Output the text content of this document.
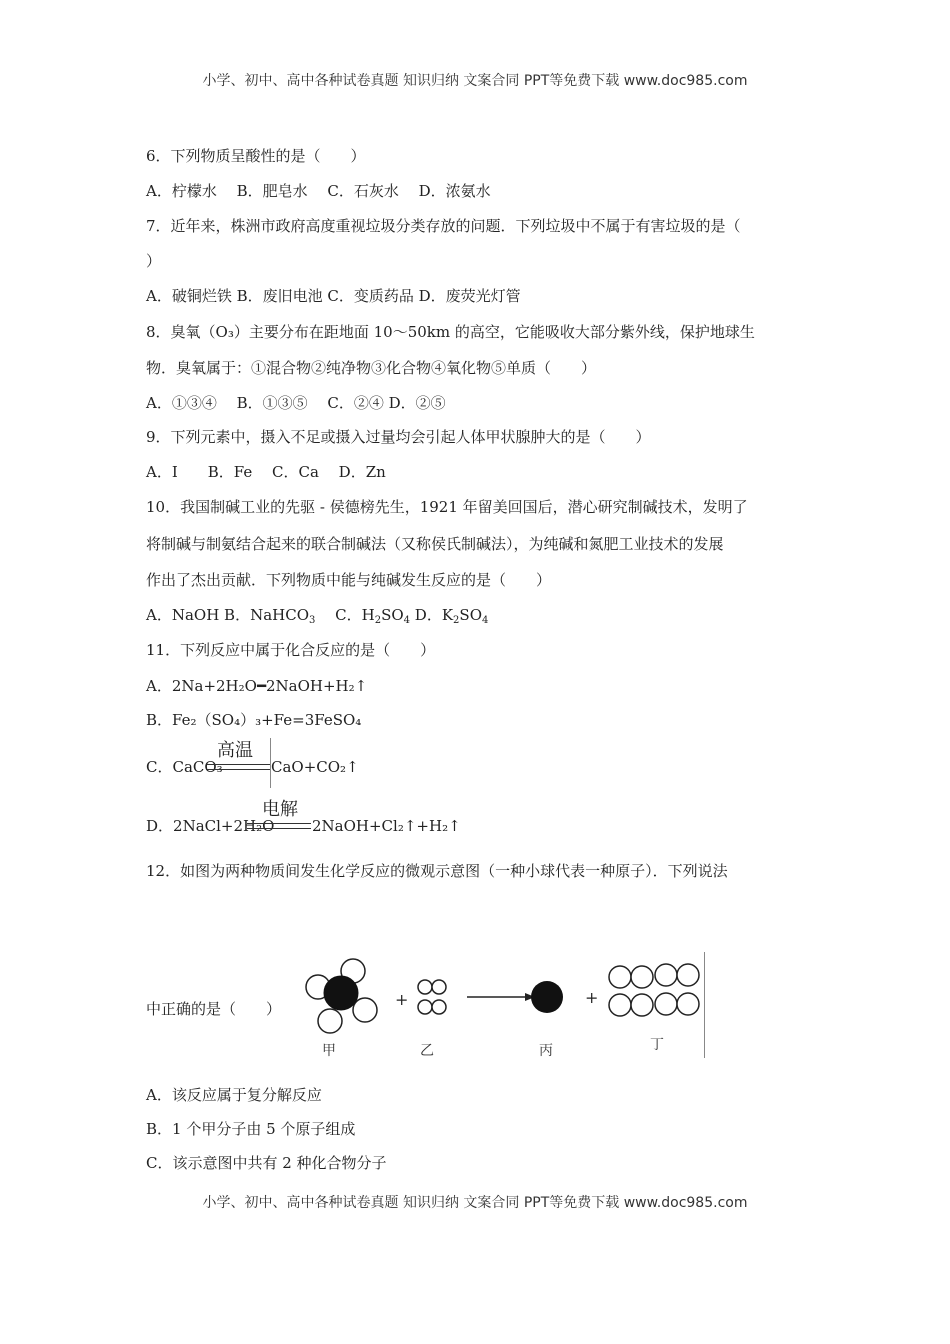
小学、初中、高中各种试卷真题 知识归纳 文案合同 PPT等免费下载 www.doc985.com
6．下列物质呈酸性的是（　　）
A．柠檬水　 B．肥皂水　 C．石灰水　 D．浓氨水
7．近年来，株洲市政府高度重视垃圾分类存放的问题．下列垃圾中不属于有害垃圾的是（
）
A．破铜烂铁 B．废旧电池 C．变质药品 D．废荧光灯管
8．臭氧（O₃）主要分布在距地面 10～50km 的高空，它能吸收大部分紫外线，保护地球生
物．臭氧属于：①混合物②纯净物③化合物④氧化物⑤单质（　　）
A．①③④　 B．①③⑤　 C．②④ D．②⑤
9．下列元素中，摄入不足或摄入过量均会引起人体甲状腺肿大的是（　　）
A．I　　B．Fe　 C．Ca　 D．Zn
10．我国制碱工业的先驱 - 侯德榜先生，1921 年留美回国后，潜心研究制碱技术，发明了
将制碱与制氨结合起来的联合制碱法（又称侯氏制碱法），为纯碱和氮肥工业技术的发展
作出了杰出贡献．下列物质中能与纯碱发生反应的是（　　）
A．NaOH B．NaHCO$_3$　 C．$H_2SO_4$ D．$K_2SO_4$
11．下列反应中属于化合反应的是（　　）
A．2Na+2H₂O━2NaOH+H₂↑
B．Fe₂（SO₄）₃+Fe=3FeSO₄
C．CaCO₃
高温
CaO+CO₂↑
D．2NaCl+2H₂O
电解
2NaOH+Cl₂↑+H₂↑
12．如图为两种物质间发生化学反应的微观示意图（一种小球代表一种原子）．下列说法
中正确的是（　　）	+	+
甲	乙	丙	丁
A．该反应属于复分解反应
B．1 个甲分子由 5 个原子组成
C．该示意图中共有 2 种化合物分子
小学、初中、高中各种试卷真题 知识归纳 文案合同 PPT等免费下载 www.doc985.com
